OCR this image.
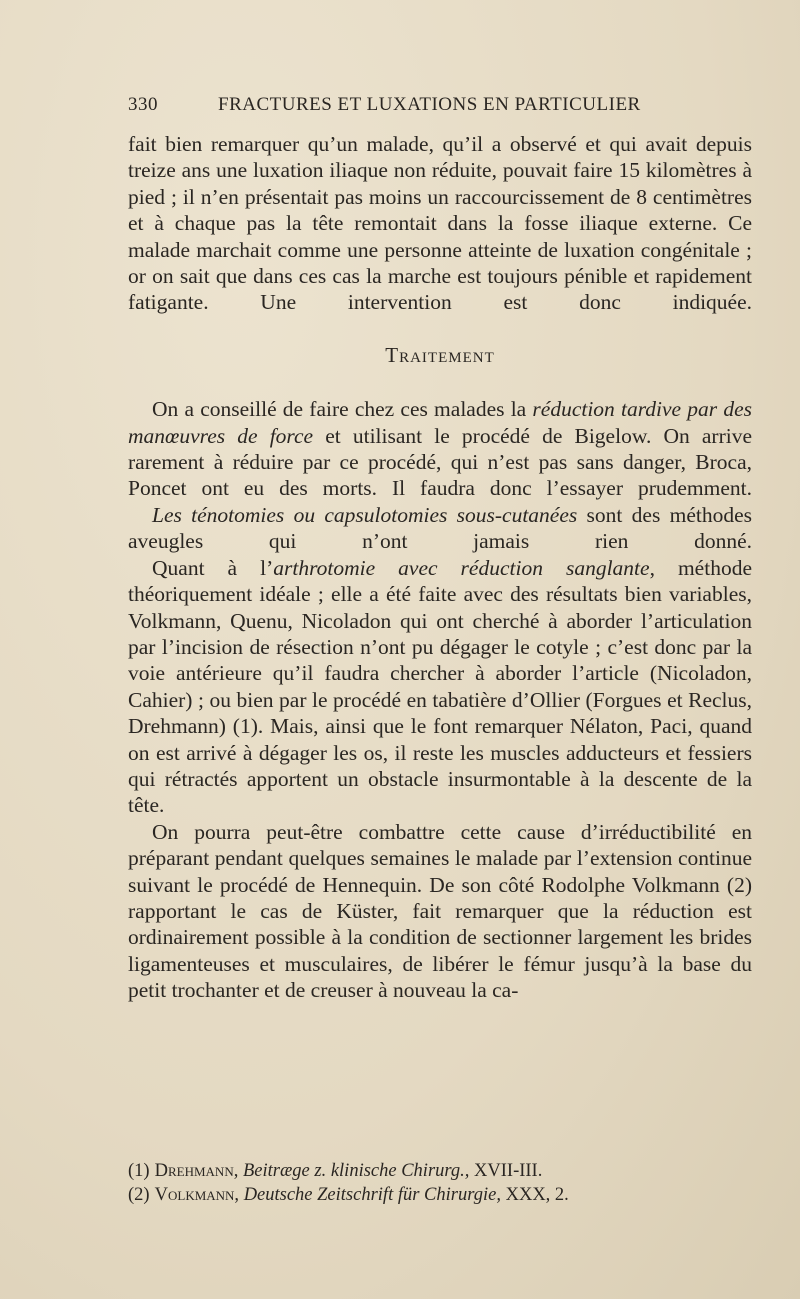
330	FRACTURES ET LUXATIONS EN PARTICULIER

fait bien remarquer qu’un malade, qu’il a observé et qui avait depuis treize ans une luxation iliaque non réduite, pouvait faire 15 kilomètres à pied ; il n’en présentait pas moins un raccourcissement de 8 centimètres et à chaque pas la tête remontait dans la fosse iliaque externe. Ce malade marchait comme une personne atteinte de luxation congénitale ; or on sait que dans ces cas la marche est toujours pénible et rapidement fatigante. Une intervention est donc indiquée.

Traitement

On a conseillé de faire chez ces malades la réduction tardive par des manœuvres de force et utilisant le procédé de Bigelow. On arrive rarement à réduire par ce procédé, qui n’est pas sans danger, Broca, Poncet ont eu des morts. Il faudra donc l’essayer prudemment.

Les ténotomies ou capsulotomies sous-cutanées sont des méthodes aveugles qui n’ont jamais rien donné.

Quant à l’arthrotomie avec réduction sanglante, méthode théoriquement idéale ; elle a été faite avec des résultats bien variables, Volkmann, Quenu, Nicoladon qui ont cherché à aborder l’articulation par l’incision de résection n’ont pu dégager le cotyle ; c’est donc par la voie antérieure qu’il faudra chercher à aborder l’article (Nicoladon, Cahier) ; ou bien par le procédé en tabatière d’Ollier (Forgues et Reclus, Drehmann) (1). Mais, ainsi que le font remarquer Nélaton, Paci, quand on est arrivé à dégager les os, il reste les muscles adducteurs et fessiers qui rétractés apportent un obstacle insurmontable à la descente de la tête.

On pourra peut-être combattre cette cause d’irréductibilité en préparant pendant quelques semaines le malade par l’extension continue suivant le procédé de Hennequin. De son côté Rodolphe Volkmann (2) rapportant le cas de Küster, fait remarquer que la réduction est ordinairement possible à la condition de sectionner largement les brides ligamenteuses et musculaires, de libérer le fémur jusqu’à la base du petit trochanter et de creuser à nouveau la ca-

(1) Drehmann, Beitræge z. klinische Chirurg., XVII-III.
(2) Volkmann, Deutsche Zeitschrift für Chirurgie, XXX, 2.
